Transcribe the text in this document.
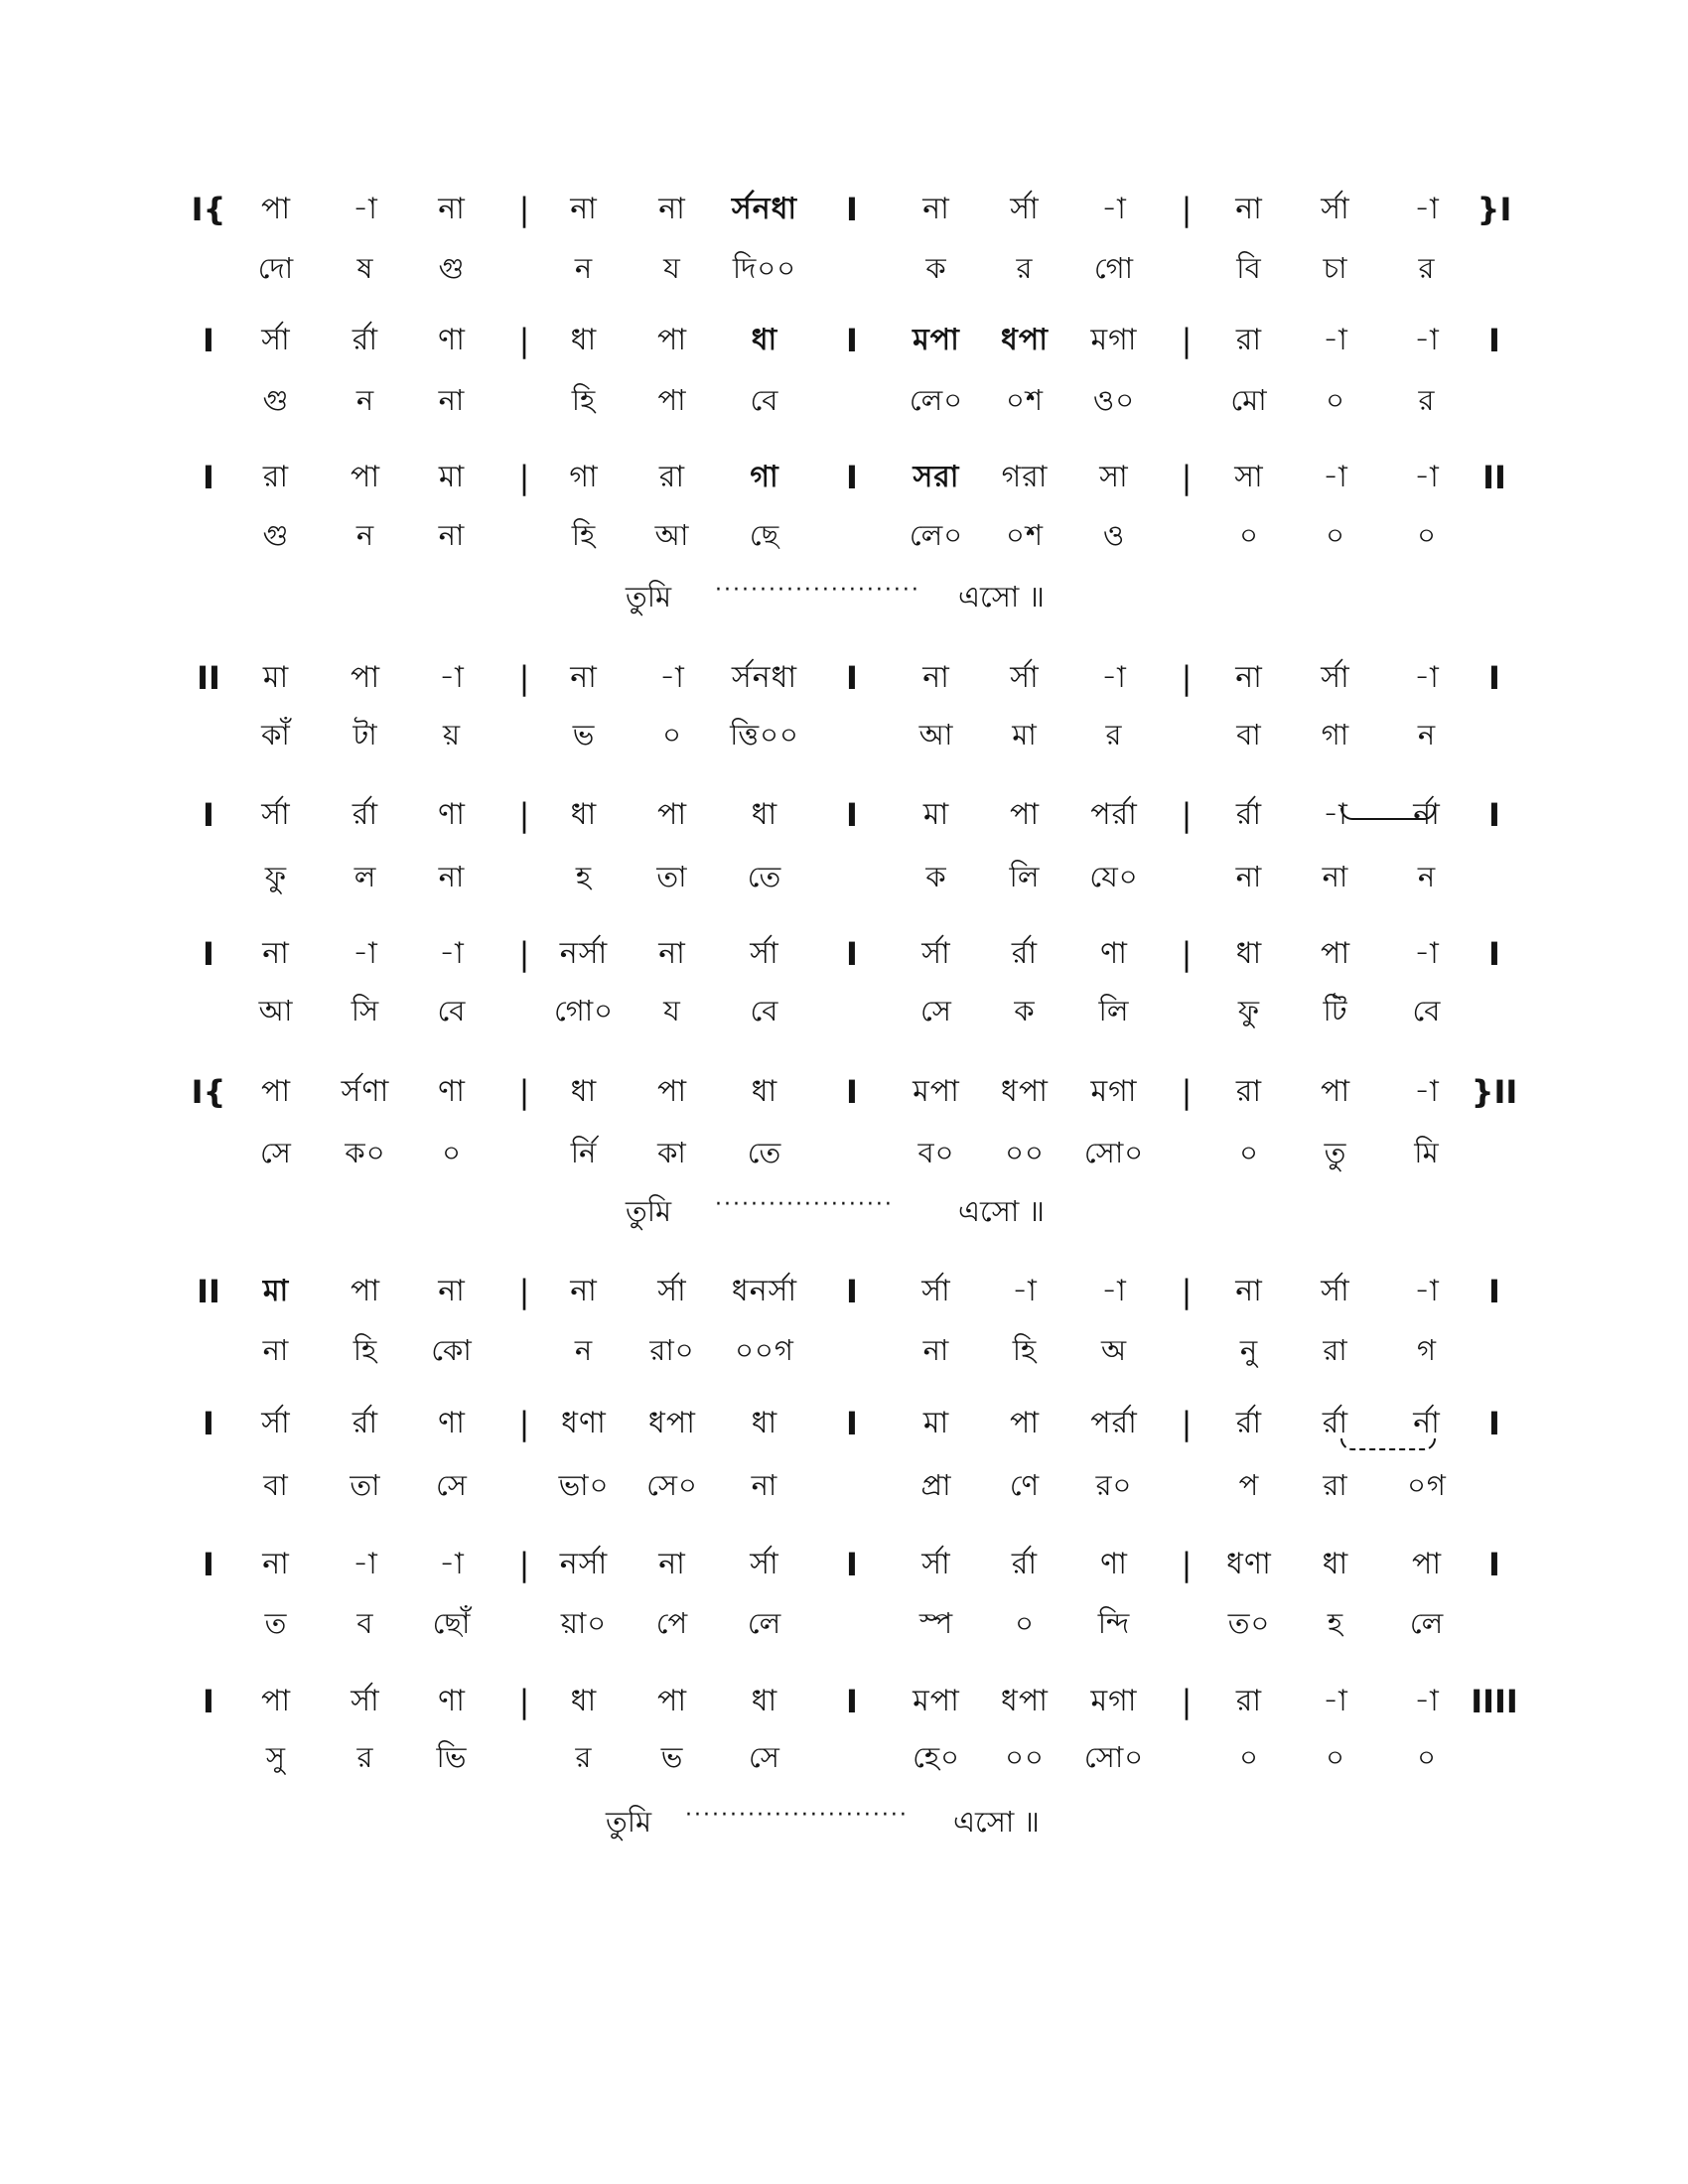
I{	|	I	|	}I
পা	-া	না	না	না	র্সনধা	না	র্সা	-া	না	র্সা	-া
দো	ষ	গু	ন	য	দি০০	ক	র	গো	বি	চা	র
I	|	I	|	I
র্সা	র্রা	ণা	ধা	পা	ধা	মপা	ধপা	মগা	রা	-া	-া
গু	ন	না	হি	পা	বে	লে০	০শ	ও০	মো	০	র
I	|	I	|	II
রা	পা	মা	গা	রা	গা	সরা	গরা	সা	সা	-া	-া
গু	ন	না	হি	আ	ছে	লে০	০শ	ও	০	০	০
তুমি ······················· এসো ॥
II	|	I	|	I
মা	পা	-া	না	-া	র্সনধা	না	র্সা	-া	না	র্সা	-া
কাঁ	টা	য়	ভ	০	ত্তি০০	আ	মা	র	বা	গা	ন
I	|	I	|	I
র্সা	র্রা	ণা	ধা	পা	ধা	মা	পা	পর্রা	র্রা	-া	র্না
ফু	ল	না	হ	তা	তে	ক	লি	যে০	না	না	ন
I	|	I	|	I
না	-া	-া	নর্সা	না	র্সা	র্সা	র্রা	ণা	ধা	পা	-া
আ	সি	বে	গো০	য	বে	সে	ক	লি	ফু	টি	বে
I{	|	I	|	}II
পা	র্সণা	ণা	ধা	পা	ধা	মপা	ধপা	মগা	রা	পা	-া
সে	ক০	০	র্নি	কা	তে	ব০	০০	সো০	০	তু	মি
তুমি ···················· এসো ॥
II	|	I	|	I
মা	পা	না	না	র্সা	ধনর্সা	র্সা	-া	-া	না	র্সা	-া
না	হি	কো	ন	রা০	০০গ	না	হি	অ	নু	রা	গ
I	|	I	|	I
র্সা	র্রা	ণা	ধণা	ধপা	ধা	মা	পা	পর্রা	র্রা	র্রা	র্না
বা	তা	সে	ভা০	সে০	না	প্রা	ণে	র০	প	রা	০গ
I	|	I	|	I
না	-া	-া	নর্সা	না	র্সা	র্সা	র্রা	ণা	ধণা	ধা	পা
ত	ব	ছোঁ	য়া০	পে	লে	স্প	০	ন্দি	ত০	হ	লে
I	|	I	|	IIII
পা	র্সা	ণা	ধা	পা	ধা	মপা	ধপা	মগা	রা	-া	-া
সু	র	ভি	র	ভ	সে	হে০	০০	সো০	০	০	০
তুমি ························· এসো ॥
